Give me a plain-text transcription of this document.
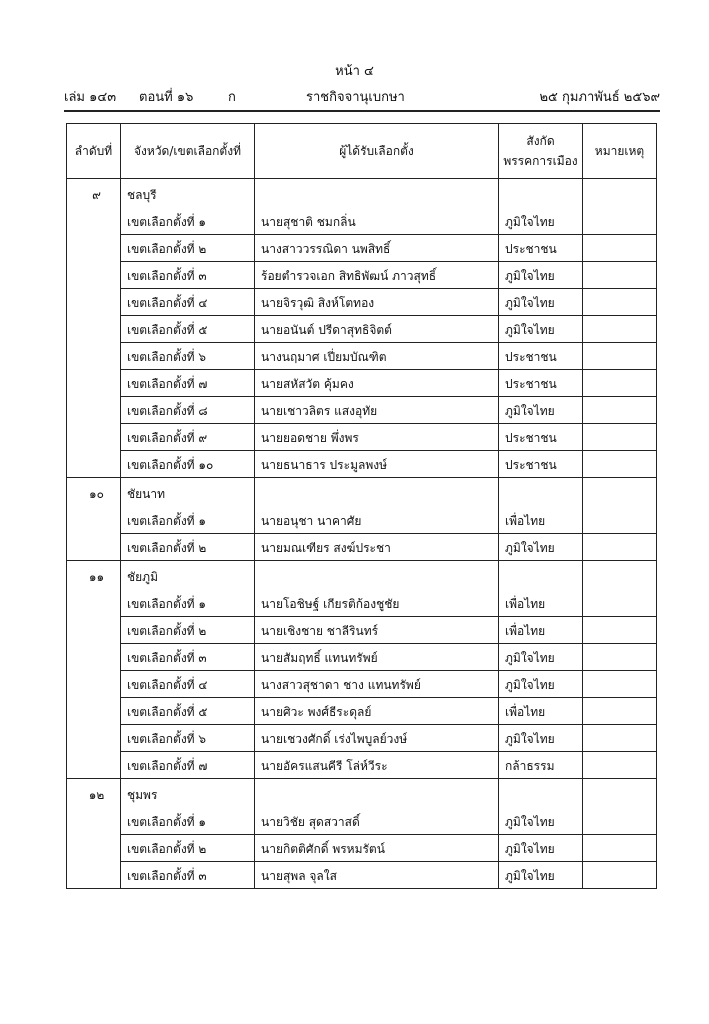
หน้า ๔
เล่ม ๑๔๓ ตอนที่ ๑๖	ก	ราชกิจจานุเบกษา	๒๕ กุมภาพันธ์ ๒๕๖๙
ลำดับที่	จังหวัด/เขตเลือกตั้งที่	ผู้ได้รับเลือกตั้ง	สังกัด
พรรคการเมือง	หมายเหตุ
๙	ชลบุรี			
	เขตเลือกตั้งที่ ๑	นายสุชาติ ชมกลิ่น	ภูมิใจไทย	
	เขตเลือกตั้งที่ ๒	นางสาววรรณิดา นพสิทธิ์	ประชาชน	
	เขตเลือกตั้งที่ ๓	ร้อยตำรวจเอก สิทธิพัฒน์ ภาวสุทธิ์	ภูมิใจไทย	
	เขตเลือกตั้งที่ ๔	นายจิรวุฒิ สิงห์โตทอง	ภูมิใจไทย	
	เขตเลือกตั้งที่ ๕	นายอนันต์ ปรีดาสุทธิจิตต์	ภูมิใจไทย	
	เขตเลือกตั้งที่ ๖	นางนฤมาศ เปี่ยมบัณฑิต	ประชาชน	
	เขตเลือกตั้งที่ ๗	นายสหัสวัต คุ้มคง	ประชาชน	
	เขตเลือกตั้งที่ ๘	นายเชาวลิตร แสงอุทัย	ภูมิใจไทย	
	เขตเลือกตั้งที่ ๙	นายยอดชาย พึ่งพร	ประชาชน	
	เขตเลือกตั้งที่ ๑๐	นายธนาธาร ประมูลพงษ์	ประชาชน	
๑๐	ชัยนาท			
	เขตเลือกตั้งที่ ๑	นายอนุชา นาคาศัย	เพื่อไทย	
	เขตเลือกตั้งที่ ๒	นายมณเฑียร สงฆ์ประชา	ภูมิใจไทย	
๑๑	ชัยภูมิ			
	เขตเลือกตั้งที่ ๑	นายโอชิษฐ์ เกียรติก้องชูชัย	เพื่อไทย	
	เขตเลือกตั้งที่ ๒	นายเชิงชาย ชาลีรินทร์	เพื่อไทย	
	เขตเลือกตั้งที่ ๓	นายสัมฤทธิ์ แทนทรัพย์	ภูมิใจไทย	
	เขตเลือกตั้งที่ ๔	นางสาวสุชาดา ชาง แทนทรัพย์	ภูมิใจไทย	
	เขตเลือกตั้งที่ ๕	นายศิวะ พงศ์ธีระดุลย์	เพื่อไทย	
	เขตเลือกตั้งที่ ๖	นายเชวงศักดิ์ เร่งไพบูลย์วงษ์	ภูมิใจไทย	
	เขตเลือกตั้งที่ ๗	นายอัครแสนคีรี โล่ห์วีระ	กล้าธรรม	
๑๒	ชุมพร			
	เขตเลือกตั้งที่ ๑	นายวิชัย สุดสวาสดิ์	ภูมิใจไทย	
	เขตเลือกตั้งที่ ๒	นายกิตติศักดิ์ พรหมรัตน์	ภูมิใจไทย	
	เขตเลือกตั้งที่ ๓	นายสุพล จุลใส	ภูมิใจไทย	
